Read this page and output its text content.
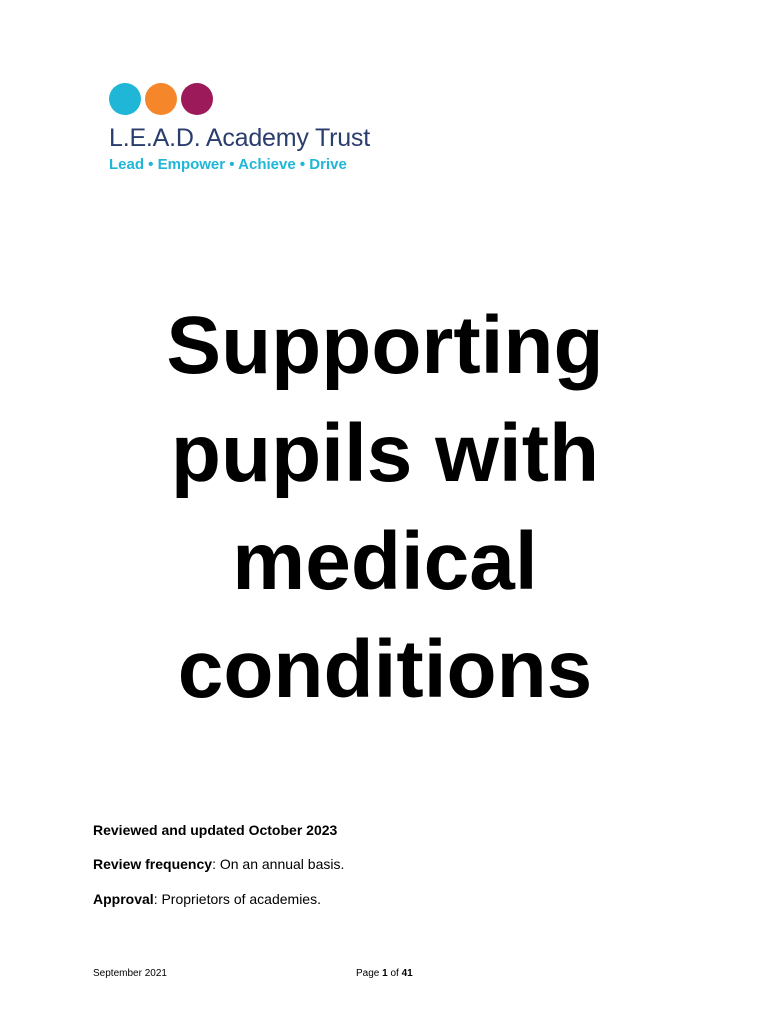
L.E.A.D. Academy Trust
Lead • Empower • Achieve • Drive
Supporting
pupils with
medical
conditions
Reviewed and updated October 2023
Review frequency: On an annual basis.
Approval: Proprietors of academies.
September 2021	Page 1 of 41
